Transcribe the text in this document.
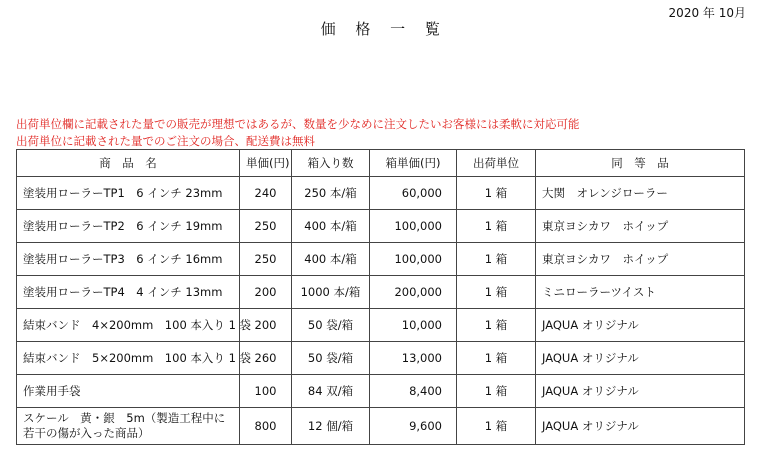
2020 年 10月
価 格 一 覧
出荷単位欄に記載された量での販売が理想ではあるが、数量を少なめに注文したいお客様には柔軟に対応可能
出荷単位に記載された量でのご注文の場合、配送費は無料
商　品　名	単価(円)	箱入り数	箱単価(円)	出荷単位	同　等　品
塗装用ローラーTP1　6 インチ 23mm	240	250 本/箱	60,000	1 箱	大関　オレンジローラー
塗装用ローラーTP2　6 インチ 19mm	250	400 本/箱	100,000	1 箱	東京ヨシカワ　ホイップ
塗装用ローラーTP3　6 インチ 16mm	250	400 本/箱	100,000	1 箱	東京ヨシカワ　ホイップ
塗装用ローラーTP4　4 インチ 13mm	200	1000 本/箱	200,000	1 箱	ミニローラーツイスト
結束バンド　4×200mm　100 本入り 1 袋	200	50 袋/箱	10,000	1 箱	JAQUA オリジナル
結束バンド　5×200mm　100 本入り 1 袋	260	50 袋/箱	13,000	1 箱	JAQUA オリジナル
作業用手袋	100	84 双/箱	8,400	1 箱	JAQUA オリジナル
スケール　黄・銀　5m（製造工程中に若干の傷が入った商品）	800	12 個/箱	9,600	1 箱	JAQUA オリジナル
